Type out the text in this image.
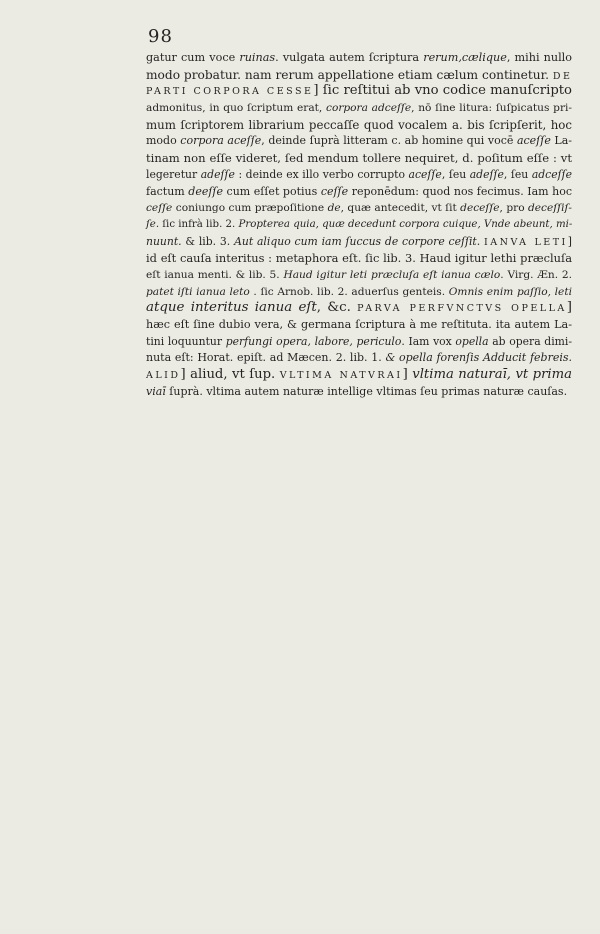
98
gatur cum voce ruinas. vulgata autem ſcriptura rerum,cælique, mihi nullo
modo probatur. nam rerum appellatione etiam cælum continetur. DE
PARTI CORPORA CESSE] ſic reſtitui ab vno codice manuſcripto
admonitus, in quo ſcriptum erat, corpora adceſſe, nō ſine litura: ſuſpicatus pri-
mum ſcriptorem librarium peccaſſe quod vocalem a. bis ſcripſerit, hoc
modo corpora aceſſe, deinde ſuprà litteram c. ab homine qui vocē aceſſe La-
tinam non eſſe videret, ſed mendum tollere nequiret, d. poſitum eſſe : vt
legeretur adeſſe : deinde ex illo verbo corrupto aceſſe, ſeu adeſſe, ſeu adceſſe
factum deeſſe cum eſſet potius ceſſe reponēdum: quod nos fecimus. Iam hoc
ceſſe coniungo cum præpoſitione de, quæ antecedit, vt ſit deceſſe, pro deceſſiſ-
ſe. ſic infrà lib. 2. Propterea quia, quæ decedunt corpora cuique, Vnde abeunt, mi-
nuunt. & lib. 3. Aut aliquo cum iam ſuccus de corpore ceſſit. IANVA LETI]
id eſt cauſa interitus : metaphora eſt. ſic lib. 3. Haud igitur lethi præcluſa
eſt ianua menti. & lib. 5. Haud igitur leti præcluſa eſt ianua cælo. Virg. Æn. 2.
patet iſti ianua leto . ſic Arnob. lib. 2. aduerſus genteis. Omnis enim paſſio, leti
atque interitus ianua eſt, &c. PARVA PERFVNCTVS OPELLA]
hæc eſt ſine dubio vera, & germana ſcriptura à me reſtituta. ita autem La-
tini loquuntur perfungi opera, labore, periculo. Iam vox opella ab opera dimi-
nuta eſt: Horat. epiſt. ad Mæcen. 2. lib. 1. & opella forenſis Adducit febreis.
ALID] aliud, vt ſup. VLTIMA NATVRAI] vltima naturaī, vt prima
viaī ſuprà. vltima autem naturæ intellige vltimas ſeu primas naturæ cauſas.
